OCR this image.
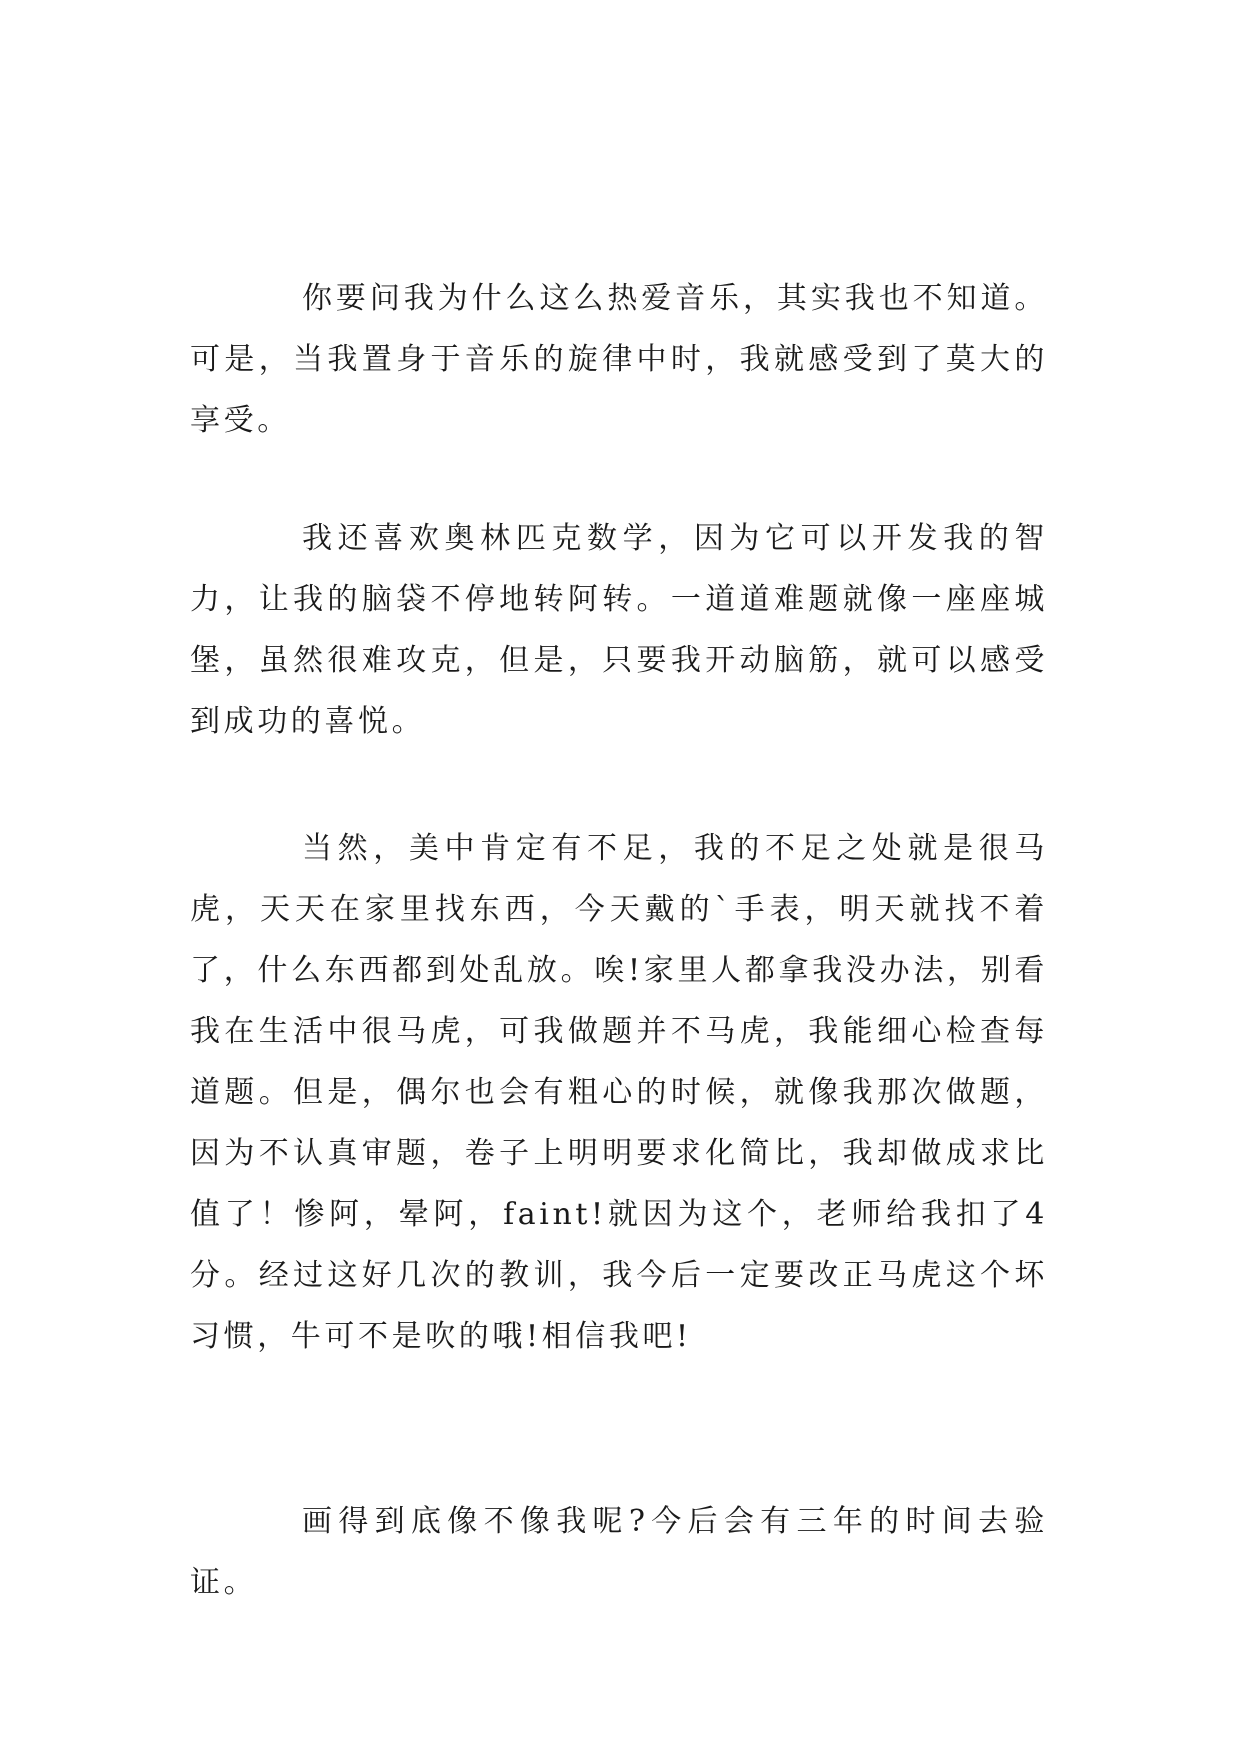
你要问我为什么这么热爱音乐，其实我也不知道。可是，当我置身于音乐的旋律中时，我就感受到了莫大的享受。

我还喜欢奥林匹克数学，因为它可以开发我的智力，让我的脑袋不停地转阿转。一道道难题就像一座座城堡，虽然很难攻克，但是，只要我开动脑筋，就可以感受到成功的喜悦。

当然，美中肯定有不足，我的不足之处就是很马虎，天天在家里找东西，今天戴的`手表，明天就找不着了，什么东西都到处乱放。唉!家里人都拿我没办法，别看我在生活中很马虎，可我做题并不马虎，我能细心检查每道题。但是，偶尔也会有粗心的时候，就像我那次做题，因为不认真审题，卷子上明明要求化简比，我却做成求比值了！惨阿，晕阿，faint!就因为这个，老师给我扣了4分。经过这好几次的教训，我今后一定要改正马虎这个坏习惯，牛可不是吹的哦!相信我吧!

画得到底像不像我呢?今后会有三年的时间去验证。
